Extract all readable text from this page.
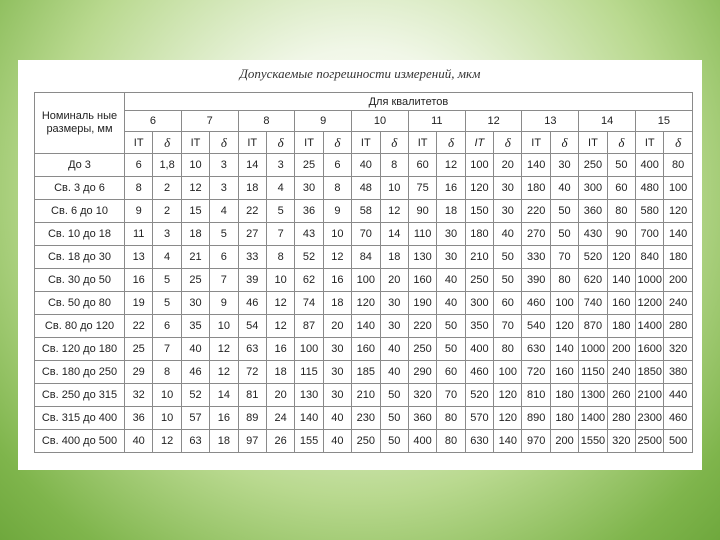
Допускаемые погрешности измерений, мкм
Номиналь ные размеры, мм	Для квалитетов																			
	6		7		8		9		10		11		12		13		14		15	
	IT	δ	IT	δ	IT	δ	IT	δ	IT	δ	IT	δ	IT	δ	IT	δ	IT	δ	IT	δ
До 3	6	1,8	10	3	14	3	25	6	40	8	60	12	100	20	140	30	250	50	400	80
Св. 3 до 6	8	2	12	3	18	4	30	8	48	10	75	16	120	30	180	40	300	60	480	100
Св. 6 до 10	9	2	15	4	22	5	36	9	58	12	90	18	150	30	220	50	360	80	580	120
Св. 10 до 18	11	3	18	5	27	7	43	10	70	14	110	30	180	40	270	50	430	90	700	140
Св. 18 до 30	13	4	21	6	33	8	52	12	84	18	130	30	210	50	330	70	520	120	840	180
Св. 30 до 50	16	5	25	7	39	10	62	16	100	20	160	40	250	50	390	80	620	140	1000	200
Св. 50 до 80	19	5	30	9	46	12	74	18	120	30	190	40	300	60	460	100	740	160	1200	240
Св. 80 до 120	22	6	35	10	54	12	87	20	140	30	220	50	350	70	540	120	870	180	1400	280
Св. 120 до 180	25	7	40	12	63	16	100	30	160	40	250	50	400	80	630	140	1000	200	1600	320
Св. 180 до 250	29	8	46	12	72	18	115	30	185	40	290	60	460	100	720	160	1150	240	1850	380
Св. 250 до 315	32	10	52	14	81	20	130	30	210	50	320	70	520	120	810	180	1300	260	2100	440
Св. 315 до 400	36	10	57	16	89	24	140	40	230	50	360	80	570	120	890	180	1400	280	2300	460
Св. 400 до 500	40	12	63	18	97	26	155	40	250	50	400	80	630	140	970	200	1550	320	2500	500
